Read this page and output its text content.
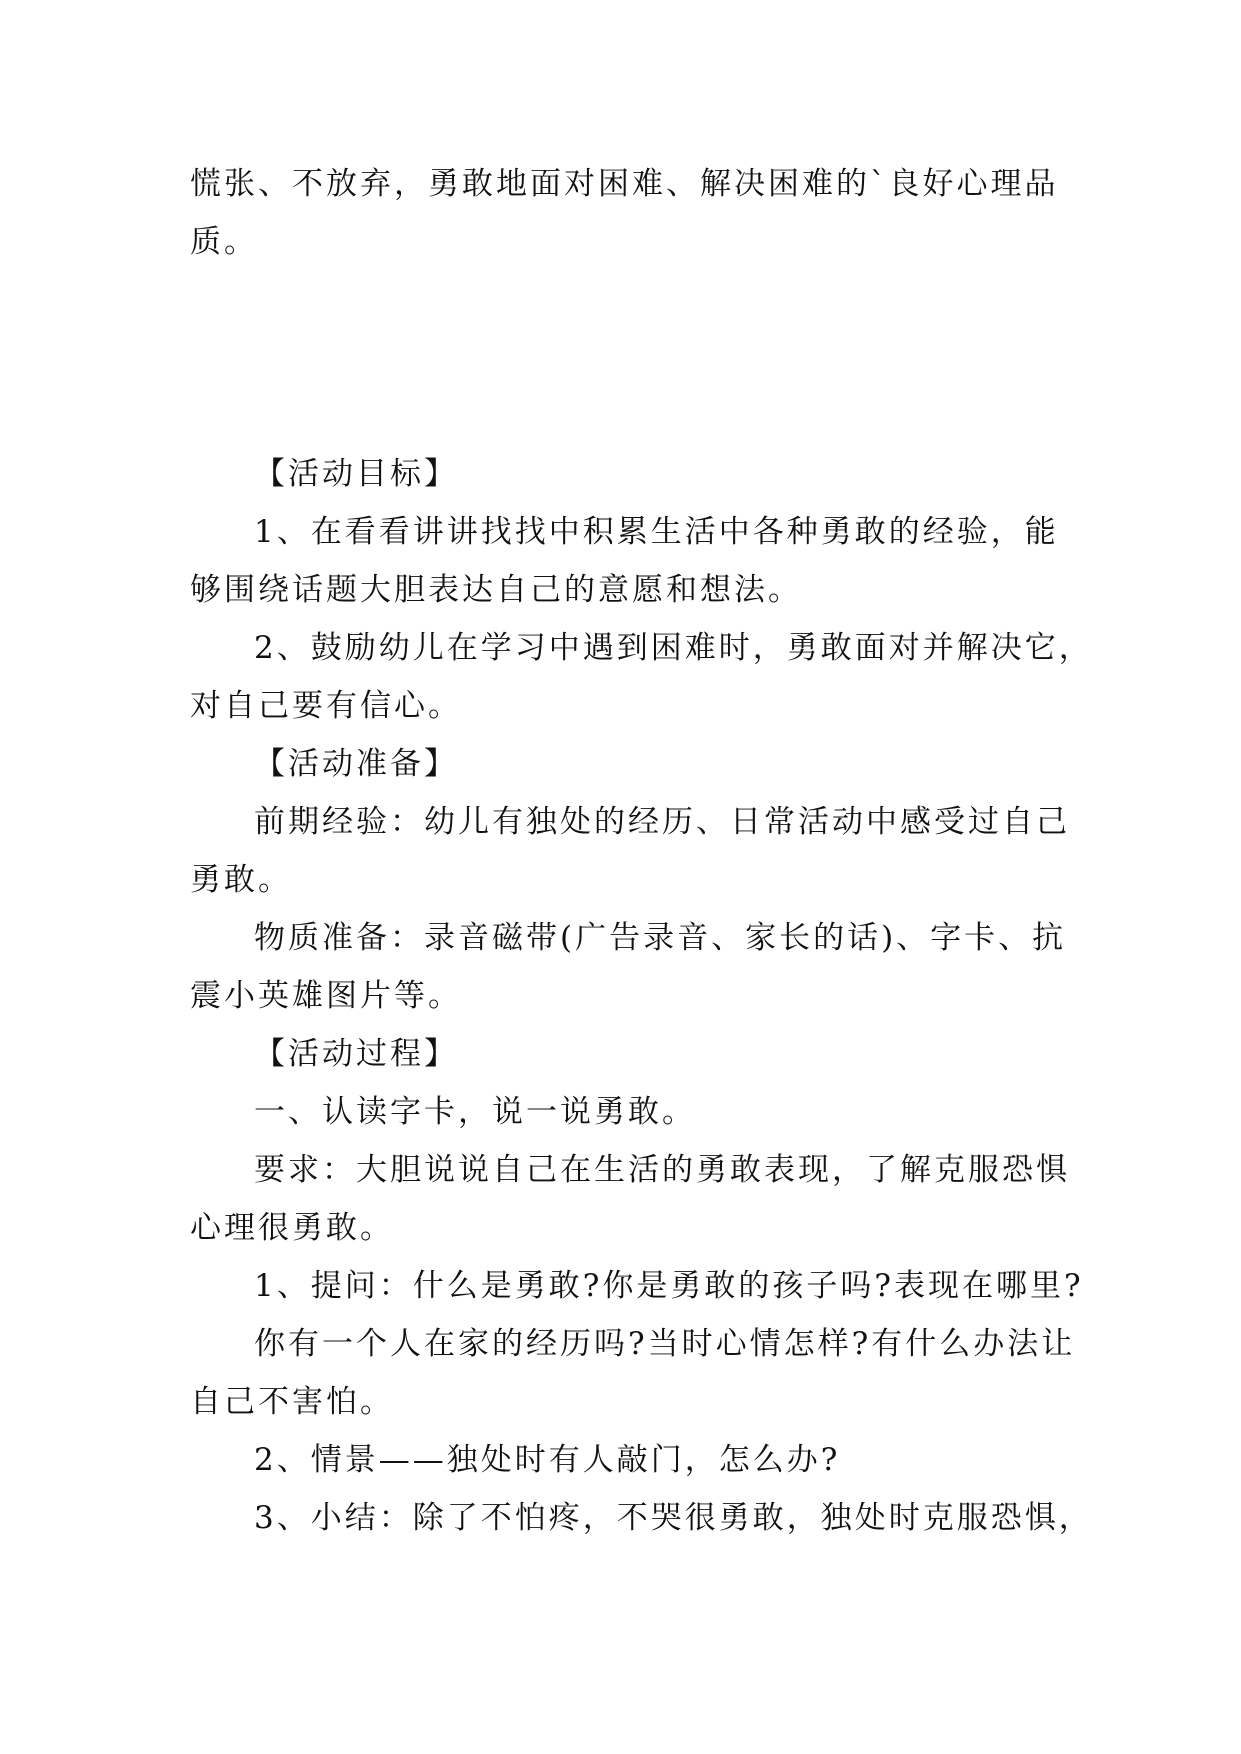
慌张、不放弃，勇敢地面对困难、解决困难的`良好心理品
质。
【活动目标】
1、在看看讲讲找找中积累生活中各种勇敢的经验，能
够围绕话题大胆表达自己的意愿和想法。
2、鼓励幼儿在学习中遇到困难时，勇敢面对并解决它，
对自己要有信心。
【活动准备】
前期经验：幼儿有独处的经历、日常活动中感受过自己
勇敢。
物质准备：录音磁带(广告录音、家长的话)、字卡、抗
震小英雄图片等。
【活动过程】
一、认读字卡，说一说勇敢。
要求：大胆说说自己在生活的勇敢表现，了解克服恐惧
心理很勇敢。
1、提问：什么是勇敢?你是勇敢的孩子吗?表现在哪里?
你有一个人在家的经历吗?当时心情怎样?有什么办法让
自己不害怕。
2、情景——独处时有人敲门，怎么办?
3、小结：除了不怕疼，不哭很勇敢，独处时克服恐惧，
